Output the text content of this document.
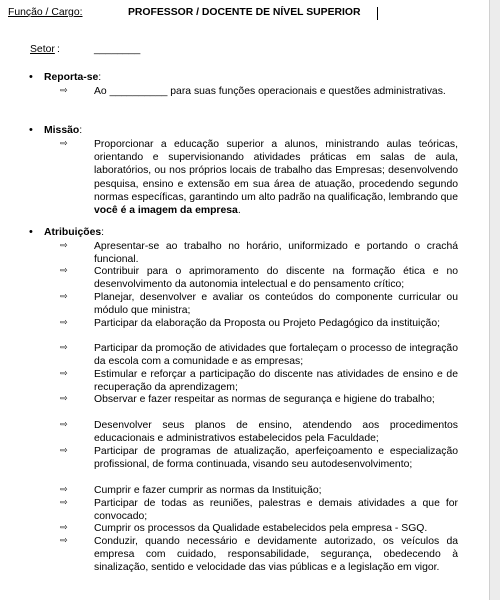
Função / Cargo:	PROFESSOR / DOCENTE DE NÍVEL SUPERIOR
Setor :	________
• Reporta-se:
⇨	Ao __________ para suas funções operacionais e questões administrativas.
• Missão:
⇨	Proporcionar a educação superior a alunos, ministrando aulas teóricas, orientando e supervisionando atividades práticas em salas de aula, laboratórios, ou nos próprios locais de trabalho das Empresas; desenvolvendo pesquisa, ensino e extensão em sua área de atuação, procedendo segundo normas específicas, garantindo um alto padrão na qualificação, lembrando que você é a imagem da empresa.
• Atribuições:
⇨	Apresentar-se ao trabalho no horário, uniformizado e portando o crachá funcional.
⇨	Contribuir para o aprimoramento do discente na formação ética e no desenvolvimento da autonomia intelectual e do pensamento crítico;
⇨	Planejar, desenvolver e avaliar os conteúdos do componente curricular ou módulo que ministra;
⇨	Participar da elaboração da Proposta ou Projeto Pedagógico da instituição;
⇨	Participar da promoção de atividades que fortaleçam o processo de integração da escola com a comunidade e as empresas;
⇨	Estimular e reforçar a participação do discente nas atividades de ensino e de recuperação da aprendizagem;
⇨	Observar e fazer respeitar as normas de segurança e higiene do trabalho;
⇨	Desenvolver seus planos de ensino, atendendo aos procedimentos educacionais e administrativos estabelecidos pela Faculdade;
⇨	Participar de programas de atualização, aperfeiçoamento e especialização profissional, de forma continuada, visando seu autodesenvolvimento;
⇨	Cumprir e fazer cumprir as normas da Instituição;
⇨	Participar de todas as reuniões, palestras e demais atividades a que for convocado;
⇨	Cumprir os processos da Qualidade estabelecidos pela empresa - SGQ.
⇨	Conduzir, quando necessário e devidamente autorizado, os veículos da empresa com cuidado, responsabilidade, segurança, obedecendo à sinalização, sentido e velocidade das vias públicas e a legislação em vigor.
